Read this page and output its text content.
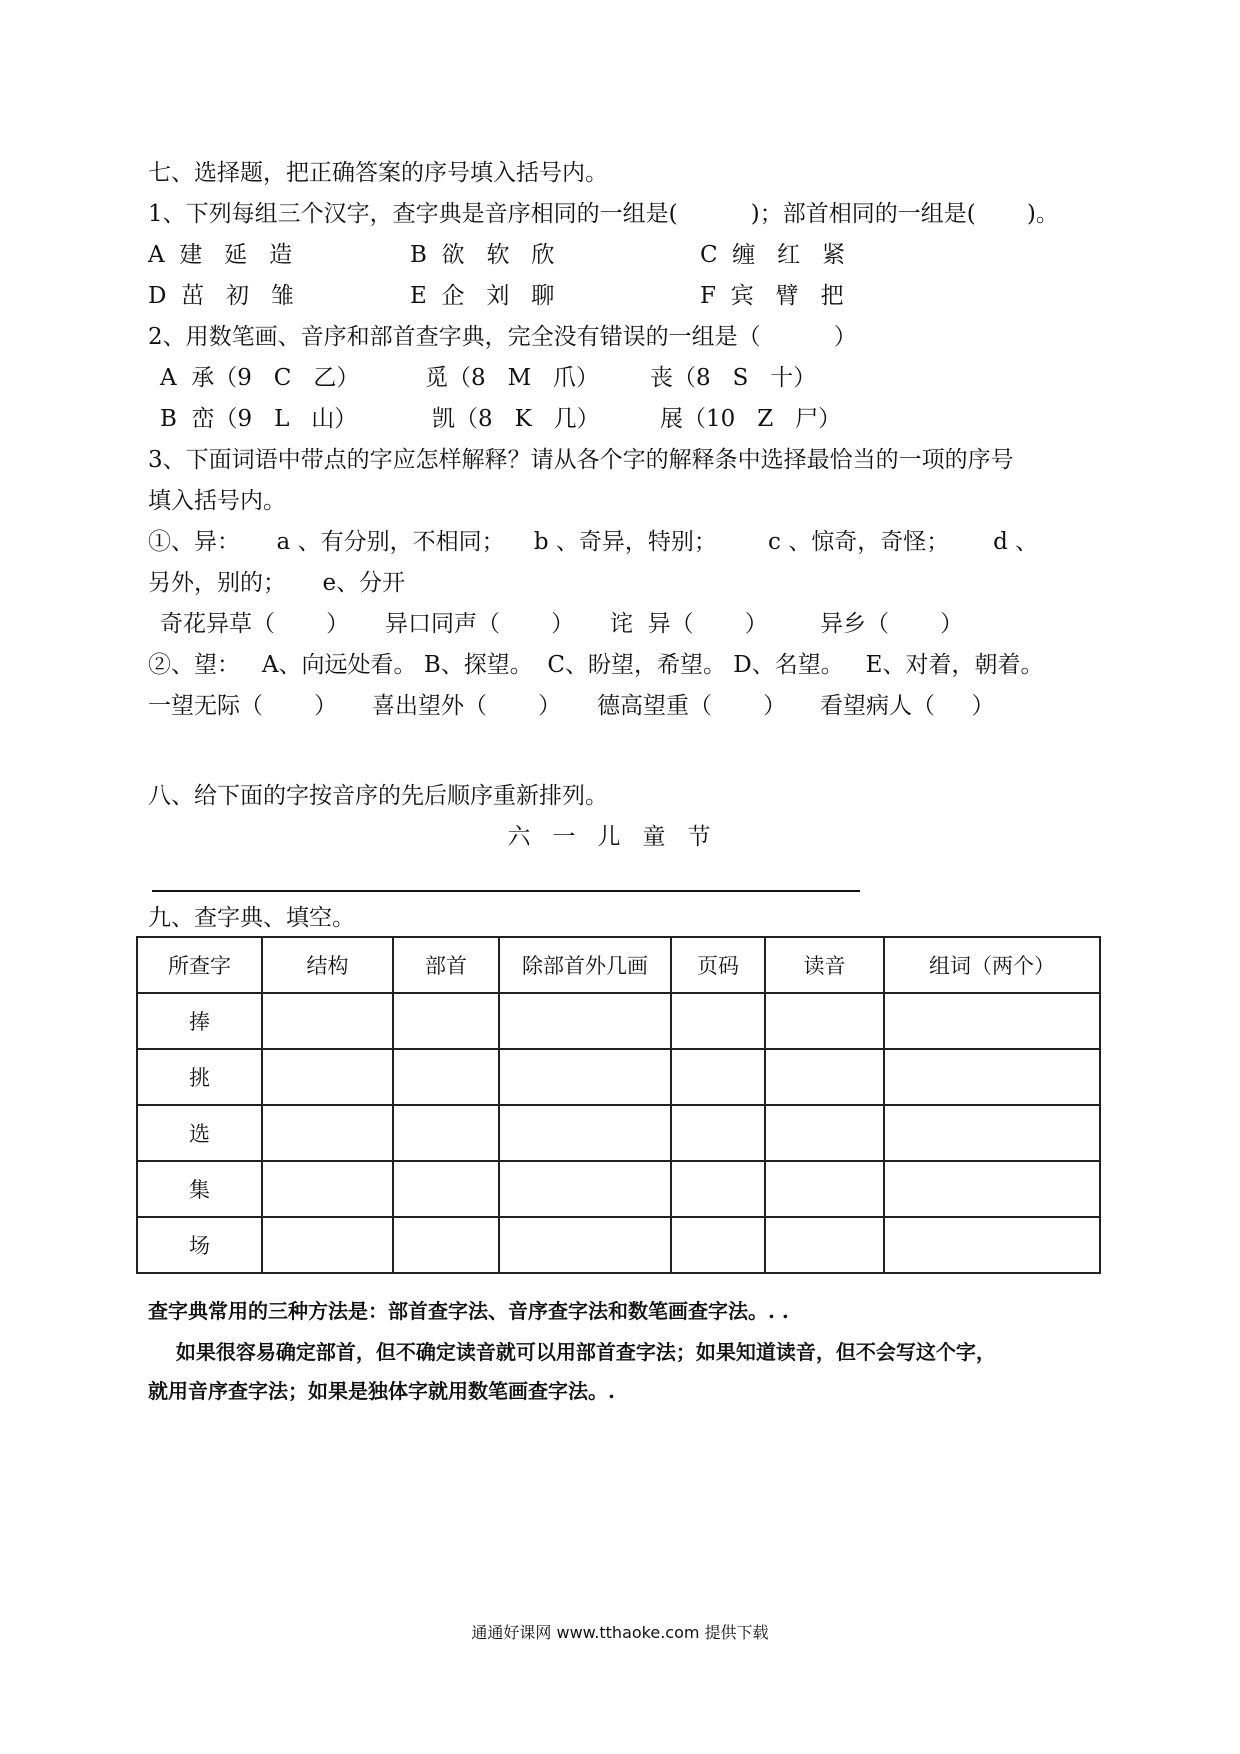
七、选择题，把正确答案的序号填入括号内。
1、下列每组三个汉字，查字典是音序相同的一组是(          )；部首相同的一组是(       )。
A  建   延   造	B  欲   软   欣	C  缠   红   紧
D  茁   初   雏	E  企   刘   聊	F  宾   臂   把
2、用数笔画、音序和部首查字典，完全没有错误的一组是（          ）
A  承（9   C   乙）	觅（8   M   爪） 丧（8   S   十）
B  峦（9   L   山）	凯（8   K   几）	展（10   Z   尸）
3、下面词语中带点的字应怎样解释？请从各个字的解释条中选择最恰当的一项的序号
填入括号内。
①、异：     a 、有分别，不相同；    b 、奇异，特别；       c 、惊奇，奇怪；      d 、
另外，别的；     e、分开
奇花异草（       ） 异口同声（       ） 诧  异（       ） 异乡（       ）
②、望：   A、向远处看。 B、探望。  C、盼望，希望。 D、名望。   E、对着，朝着。
一望无际（       ） 喜出望外（       ） 德高望重（       ） 看望病人（     ）
八、给下面的字按音序的先后顺序重新排列。
六一儿童节
九、查字典、填空。
所查字	结构	部首	除部首外几画	页码	读音	组词（两个）
捧						
挑						
选						
集						
场						
查字典常用的三种方法是：部首查字法、音序查字法和数笔画查字法。. .
如果很容易确定部首，但不确定读音就可以用部首查字法；如果知道读音，但不会写这个字，
就用音序查字法；如果是独体字就用数笔画查字法。.
通通好课网 www.tthaoke.com 提供下载
